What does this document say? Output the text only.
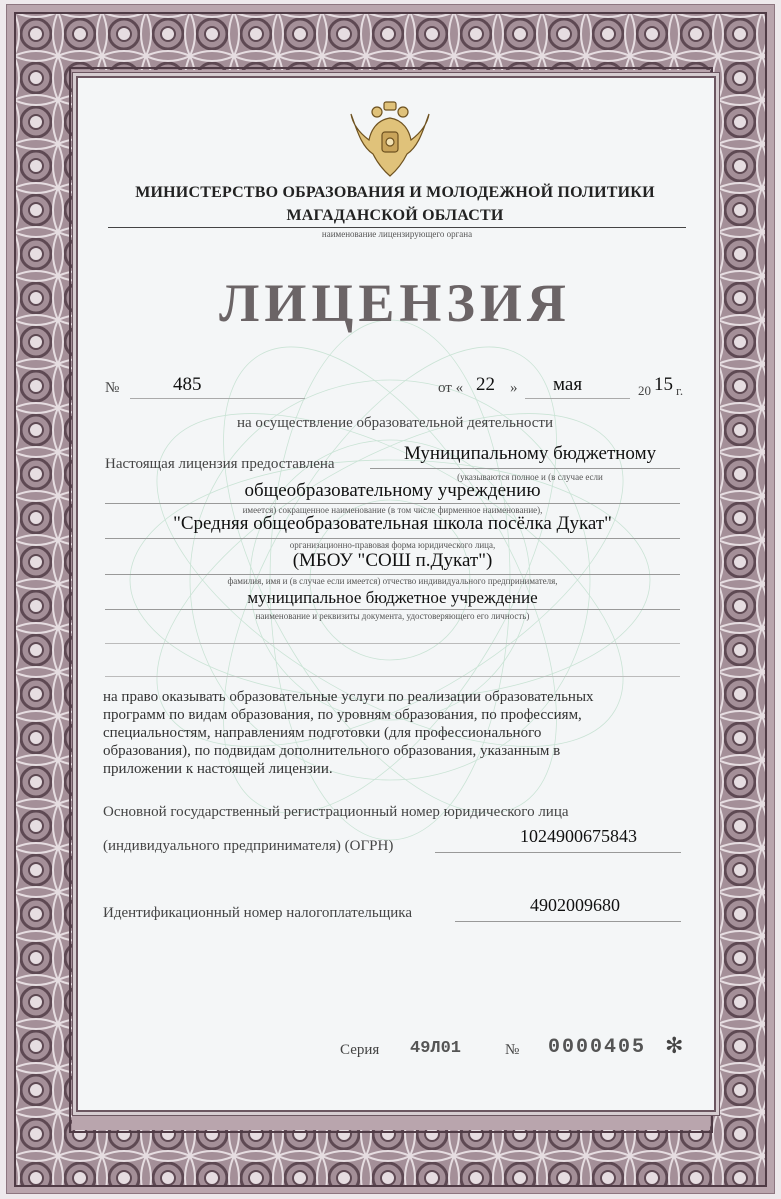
МИНИСТЕРСТВО ОБРАЗОВАНИЯ И МОЛОДЕЖНОЙ ПОЛИТИКИ
МАГАДАНСКОЙ ОБЛАСТИ
наименование лицензирующего органа
ЛИЦЕНЗИЯ
№	485	от « 22 » мая	20 15 г.
на осуществление образовательной деятельности
Настоящая лицензия предоставлена	Муниципальному бюджетному
(указываются полное и (в случае если
общеобразовательному учреждению
имеется) сокращенное наименование (в том числе фирменное наименование),
"Средняя общеобразовательная школа посёлка Дукат"
организационно-правовая форма юридического лица,
(МБОУ "СОШ п.Дукат")
фамилия, имя и (в случае если имеется) отчество индивидуального предпринимателя,
муниципальное бюджетное учреждение
наименование и реквизиты документа, удостоверяющего его личность)
на право оказывать образовательные услуги по реализации образовательных
программ по видам образования, по уровням образования, по профессиям,
специальностям, направлениям подготовки (для профессионального
образования), по подвидам дополнительного образования, указанным в
приложении к настоящей лицензии.
Основной государственный регистрационный номер юридического лица
(индивидуального предпринимателя) (ОГРН)	1024900675843
Идентификационный номер налогоплательщика	4902009680
Серия 49Л01	№ 0000405 ✻
